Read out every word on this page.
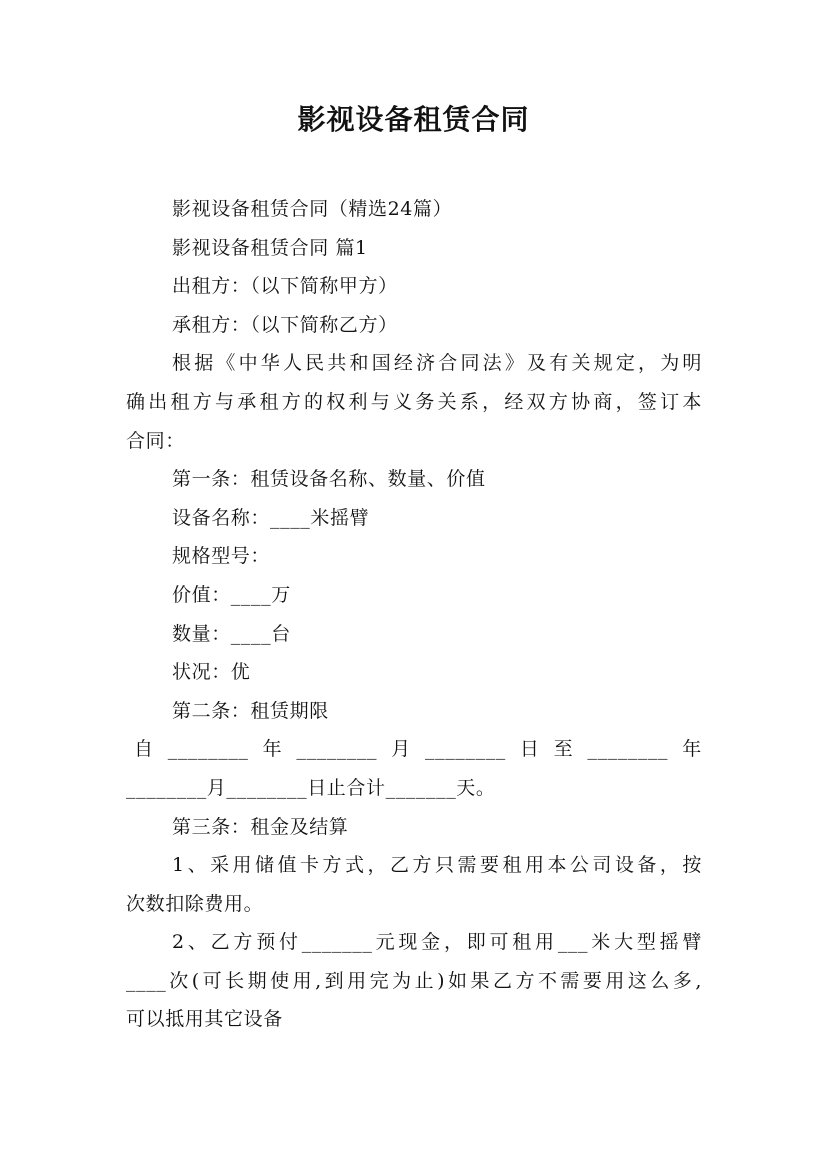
影视设备租赁合同
影视设备租赁合同（精选24篇）
影视设备租赁合同 篇1
出租方：（以下简称甲方）
承租方：（以下简称乙方）
根据《中华人民共和国经济合同法》及有关规定，为明
确出租方与承租方的权利与义务关系，经双方协商，签订本
合同：
第一条：租赁设备名称、数量、价值
设备名称：____米摇臂
规格型号：
价值：____万
数量：____台
状况：优
第二条：租赁期限
自 ________ 年 ________ 月 ________ 日 至 ________ 年
________月________日止合计_______天。
第三条：租金及结算
1、采用储值卡方式，乙方只需要租用本公司设备，按
次数扣除费用。
2、乙方预付_______元现金，即可租用___米大型摇臂
____次(可长期使用,到用完为止)如果乙方不需要用这么多,
可以抵用其它设备
